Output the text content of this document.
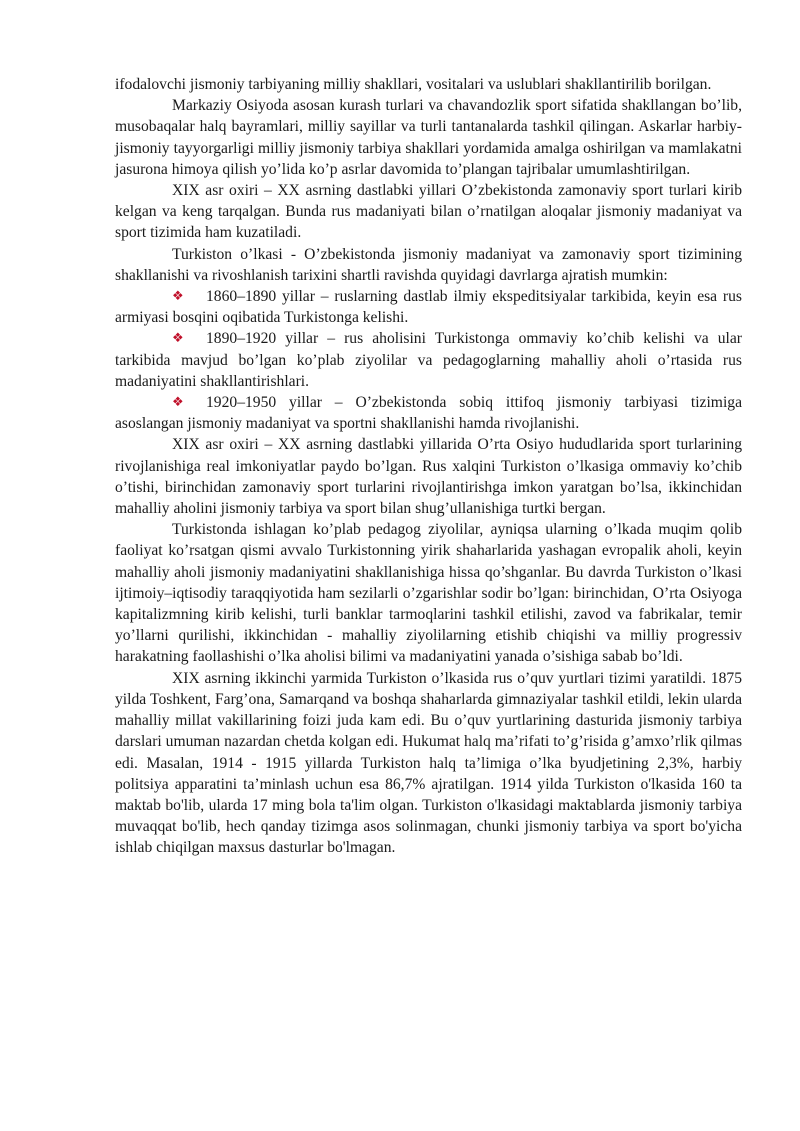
ifodalovchi jismoniy tarbiyaning milliy shakllari, vositalari va uslublari shakllantirilib borilgan.

Markaziy Osiyoda asosan kurash turlari va chavandozlik sport sifatida shakllangan bo’lib, musobaqalar halq bayramlari, milliy sayillar va turli tantanalarda tashkil qilingan. Askarlar harbiy-jismoniy tayyorgarligi milliy jismoniy tarbiya shakllari yordamida amalga oshirilgan va mamlakatni jasurona himoya qilish yo’lida ko’p asrlar davomida to’plangan tajribalar umumlashtirilgan.

XIX asr oxiri – XX asrning dastlabki yillari O’zbekistonda zamonaviy sport turlari kirib kelgan va keng tarqalgan. Bunda rus madaniyati bilan o’rnatilgan aloqalar jismoniy madaniyat va sport tizimida ham kuzatiladi.

Turkiston o’lkasi - O’zbekistonda jismoniy madaniyat va zamonaviy sport tizimining shakllanishi va rivoshlanish tarixini shartli ravishda quyidagi davrlarga ajratish mumkin:

❖ 1860–1890 yillar – ruslarning dastlab ilmiy ekspeditsiyalar tarkibida, keyin esa rus armiyasi bosqini oqibatida Turkistonga kelishi.

❖ 1890–1920 yillar – rus aholisini Turkistonga ommaviy ko’chib kelishi va ular tarkibida mavjud bo’lgan ko’plab ziyolilar va pedagoglarning mahalliy aholi o’rtasida rus madaniyatini shakllantirishlari.

❖ 1920–1950 yillar – O’zbekistonda sobiq ittifoq jismoniy tarbiyasi tizimiga asoslangan jismoniy madaniyat va sportni shakllanishi hamda rivojlanishi.

XIX asr oxiri – XX asrning dastlabki yillarida O’rta Osiyo hududlarida sport turlarining rivojlanishiga real imkoniyatlar paydo bo’lgan. Rus xalqini Turkiston o’lkasiga ommaviy ko’chib o’tishi, birinchidan zamonaviy sport turlarini rivojlantirishga imkon yaratgan bo’lsa, ikkinchidan mahalliy aholini jismoniy tarbiya va sport bilan shug’ullanishiga turtki bergan.

Turkistonda ishlagan ko’plab pedagog ziyolilar, ayniqsa ularning o’lkada muqim qolib faoliyat ko’rsatgan qismi avvalo Turkistonning yirik shaharlarida yashagan evropalik aholi, keyin mahalliy aholi jismoniy madaniyatini shakllanishiga hissa qo’shganlar. Bu davrda Turkiston o’lkasi ijtimoiy–iqtisodiy taraqqiyotida ham sezilarli o’zgarishlar sodir bo’lgan: birinchidan, O’rta Osiyoga kapitalizmning kirib kelishi, turli banklar tarmoqlarini tashkil etilishi, zavod va fabrikalar, temir yo’llarni qurilishi, ikkinchidan - mahalliy ziyolilarning etishib chiqishi va milliy progressiv harakatning faollashishi o’lka aholisi bilimi va madaniyatini yanada o’sishiga sabab bo’ldi.

XIX asrning ikkinchi yarmida Turkiston o’lkasida rus o’quv yurtlari tizimi yaratildi. 1875 yilda Toshkent, Farg’ona, Samarqand va boshqa shaharlarda gimnaziyalar tashkil etildi, lekin ularda mahalliy millat vakillarining foizi juda kam edi. Bu o’quv yurtlarining dasturida jismoniy tarbiya darslari umuman nazardan chetda kolgan edi. Hukumat halq ma’rifati to’g’risida g’amxo’rlik qilmas edi. Masalan, 1914 - 1915 yillarda Turkiston halq ta’limiga o’lka byudjetining 2,3%, harbiy politsiya apparatini ta’minlash uchun esa 86,7% ajratilgan. 1914 yilda Turkiston o'lkasida 160 ta maktab bo'lib, ularda 17 ming bola ta'lim olgan. Turkiston o'lkasidagi maktablarda jismoniy tarbiya muvaqqat bo'lib, hech qanday tizimga asos solinmagan, chunki jismoniy tarbiya va sport bo'yicha ishlab chiqilgan maxsus dasturlar bo'lmagan.
